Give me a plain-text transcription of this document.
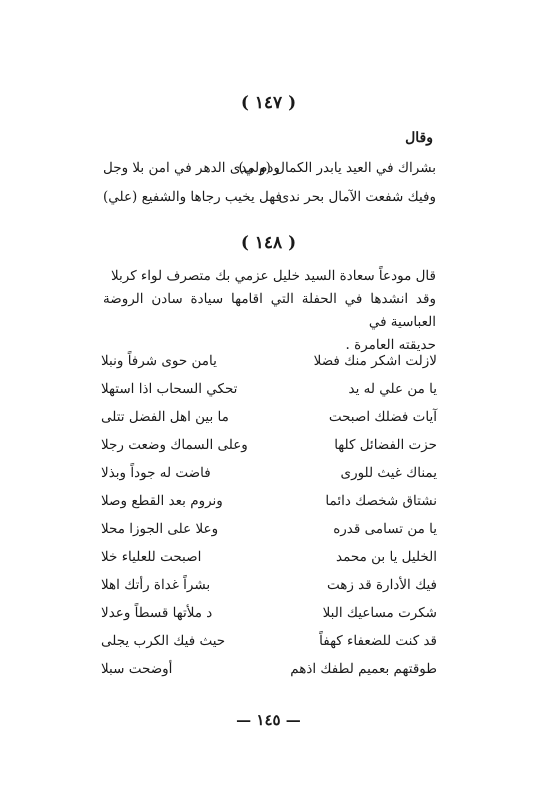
( ١٤٧ )
وقال
بشراك في العيد يابدر الكمال (ولي)
ودم مدى الدهر في امن بلا وجل
وفيك شفعت الآمال بحر ندى
فهل يخيب رجاها والشفيع (علي)
( ١٤٨ )
قال مودعاً سعادة السيد خليل عزمي بك متصرف لواء كربلا
وقد انشدها في الحفلة التي اقامها سيادة سادن الروضة العباسية في
حديقته العامرة .
لازلت اشكر منك فضلا
يامن حوى شرفاً ونبلا
يا من علي له يد
تحكي السحاب اذا استهلا
آيات فضلك اصبحت
ما بين اهل الفضل تتلى
حزت الفضائل كلها
وعلى السماك وضعت رجلا
يمناك غيث للورى
فاضت له جوداً وبذلا
نشتاق شخصك دائما
ونروم بعد القطع وصلا
يا من تسامى قدره
وعلا على الجوزا محلا
الخليل يا بن محمد
اصبحت للعلياء خلا
فيك الأدارة قد زهت
بشراً غداة رأتك اهلا
شكرت مساعيك البلا
د ملأتها قسطاً وعدلا
قد كنت للضعفاء كهفاً
حيث فيك الكرب يجلى
طوقتهم بعميم لطفك اذهم
أوضحت سبلا
— ١٤٥ —
